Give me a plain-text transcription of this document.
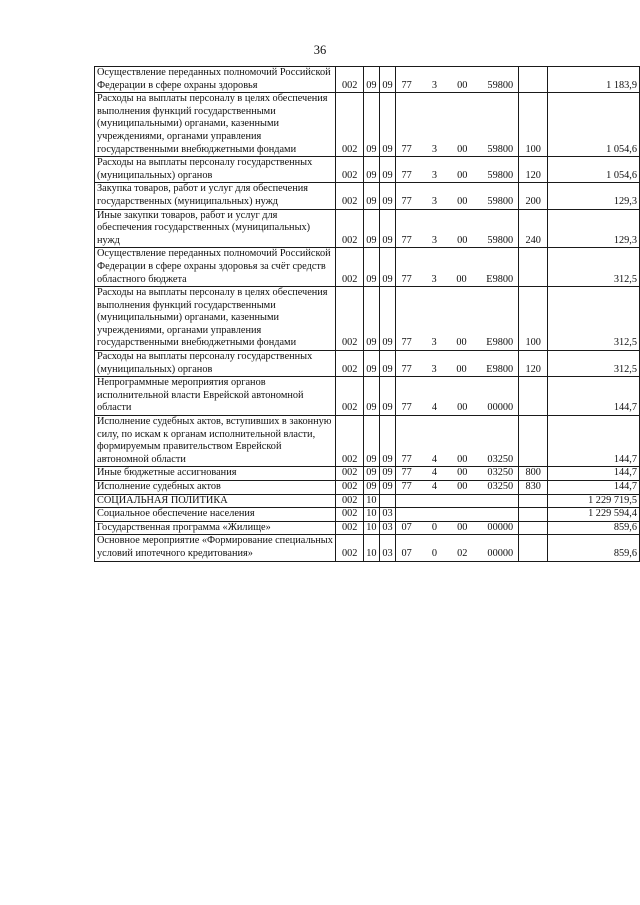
36
Осуществление переданных полномочий Российской Федерации в сфере охраны здоровья	002	09	09	77 3 00 59800		1 183,9
Расходы на выплаты персоналу в целях обеспечения выполнения функций государственными (муниципальными) органами, казенными учреждениями, органами управления государственными внебюджетными фондами	002	09	09	77 3 00 59800	100	1 054,6
Расходы на выплаты персоналу государственных (муниципальных) органов	002	09	09	77 3 00 59800	120	1 054,6
Закупка товаров, работ и услуг для обеспечения государственных (муниципальных) нужд	002	09	09	77 3 00 59800	200	129,3
Иные закупки товаров, работ и услуг для обеспечения государственных (муниципальных) нужд	002	09	09	77 3 00 59800	240	129,3
Осуществление переданных полномочий Российской Федерации в сфере охраны здоровья за счёт средств областного бюджета	002	09	09	77 3 00 E9800		312,5
Расходы на выплаты персоналу в целях обеспечения выполнения функций государственными (муниципальными) органами, казенными учреждениями, органами управления государственными внебюджетными фондами	002	09	09	77 3 00 E9800	100	312,5
Расходы на выплаты персоналу государственных (муниципальных) органов	002	09	09	77 3 00 E9800	120	312,5
Непрограммные мероприятия органов исполнительной власти Еврейской автономной области	002	09	09	77 4 00 00000		144,7
Исполнение судебных актов, вступивших в законную силу, по искам к органам исполнительной власти, формируемым правительством Еврейской автономной области	002	09	09	77 4 00 03250		144,7
Иные бюджетные ассигнования	002	09	09	77 4 00 03250	800	144,7
Исполнение судебных актов	002	09	09	77 4 00 03250	830	144,7
СОЦИАЛЬНАЯ ПОЛИТИКА	002	10				1 229 719,5
Социальное обеспечение населения	002	10	03			1 229 594,4
Государственная программа «Жилище»	002	10	03	07 0 00 00000		859,6
Основное мероприятие «Формирование специальных условий ипотечного кредитования»	002	10	03	07 0 02 00000		859,6
